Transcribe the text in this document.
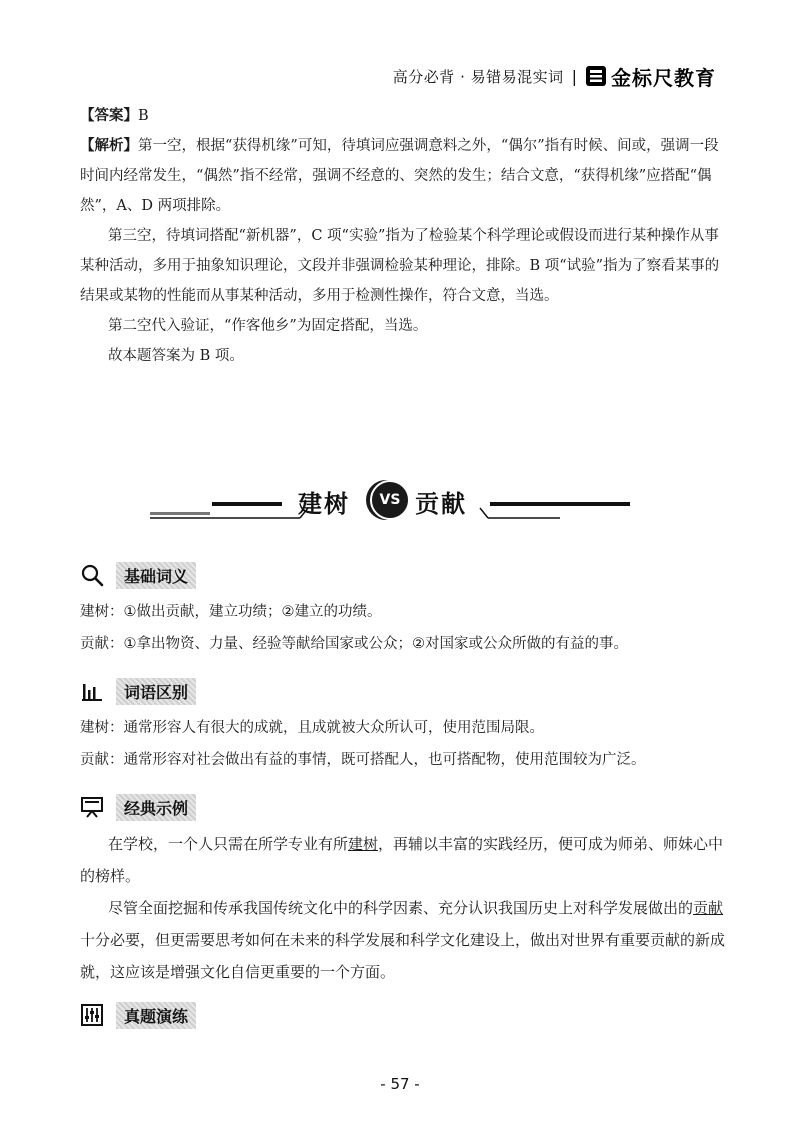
高分必背 · 易错易混实词 | 金标尺教育

【答案】B

【解析】第一空，根据“获得机缘”可知，待填词应强调意料之外，“偶尔”指有时候、间或，强调一段时间内经常发生，“偶然”指不经常，强调不经意的、突然的发生；结合文意，“获得机缘”应搭配“偶然”，A、D 两项排除。

第三空，待填词搭配“新机器”，C 项“实验”指为了检验某个科学理论或假设而进行某种操作从事某种活动，多用于抽象知识理论，文段并非强调检验某种理论，排除。B 项“试验”指为了察看某事的结果或某物的性能而从事某种活动，多用于检测性操作，符合文意，当选。

第二空代入验证，“作客他乡”为固定搭配，当选。

故本题答案为 B 项。

建树	VS 贡献
基础词义

建树：①做出贡献，建立功绩；②建立的功绩。

贡献：①拿出物资、力量、经验等献给国家或公众；②对国家或公众所做的有益的事。

词语区别

建树：通常形容人有很大的成就，且成就被大众所认可，使用范围局限。

贡献：通常形容对社会做出有益的事情，既可搭配人，也可搭配物，使用范围较为广泛。

经典示例

在学校，一个人只需在所学专业有所建树，再辅以丰富的实践经历，便可成为师弟、师妹心中的榜样。

尽管全面挖掘和传承我国传统文化中的科学因素、充分认识我国历史上对科学发展做出的贡献十分必要，但更需要思考如何在未来的科学发展和科学文化建设上，做出对世界有重要贡献的新成就，这应该是增强文化自信更重要的一个方面。

真题演练
- 57 -
